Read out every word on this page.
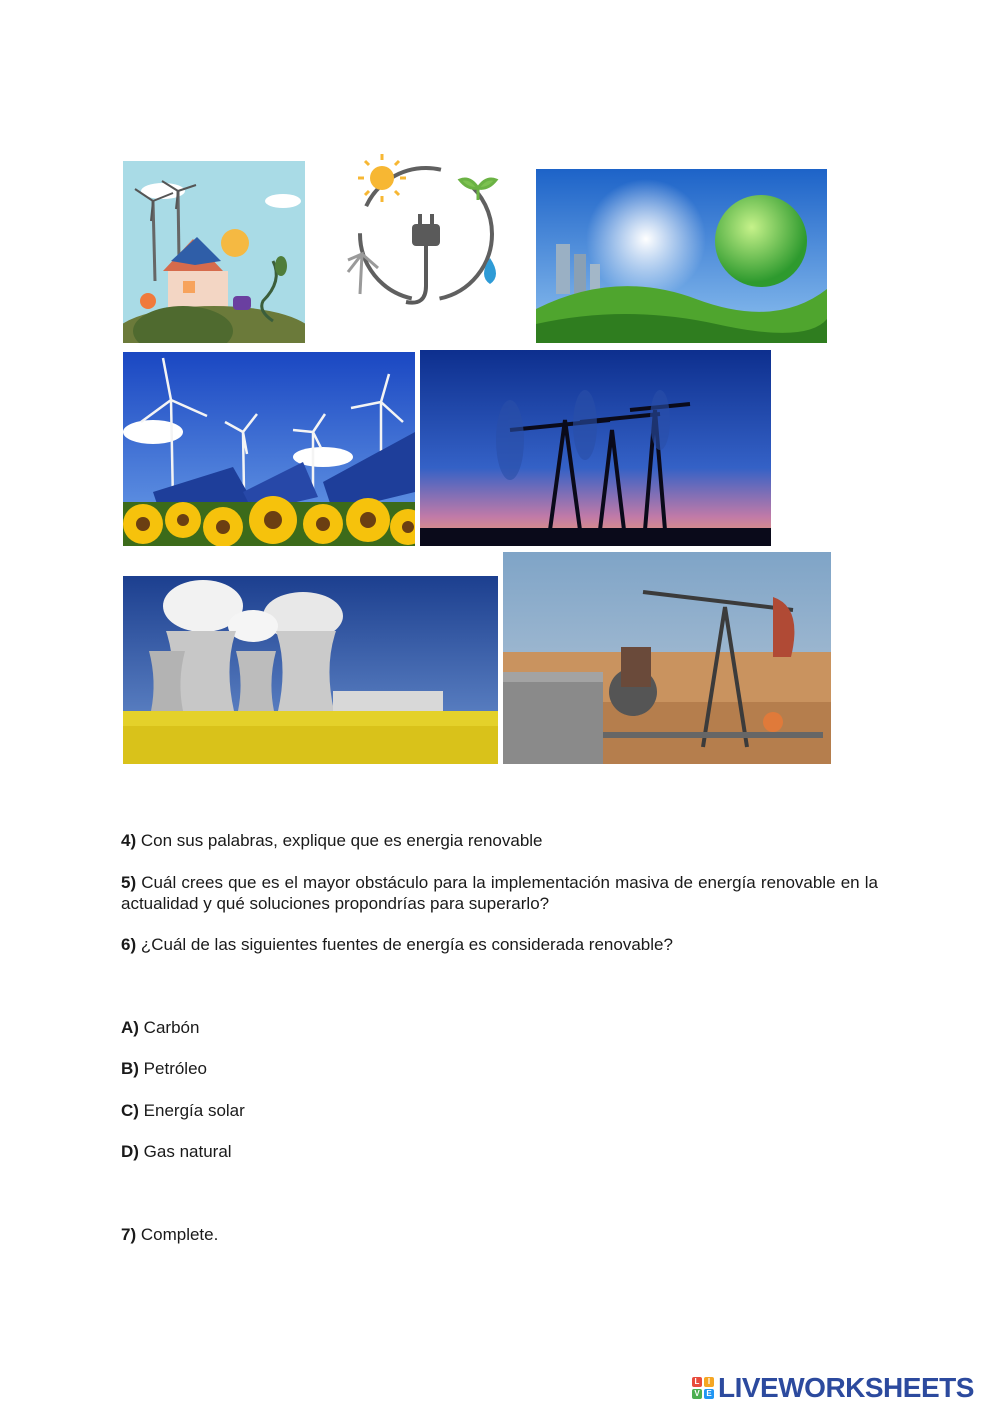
4) Con sus palabras, explique que es energia renovable
5) Cuál crees que es el mayor obstáculo para la implementación masiva de energía renovable en la actualidad y qué soluciones propondrías para superarlo?
6) ¿Cuál de las siguientes fuentes de energía es considerada renovable?
A) Carbón
B) Petróleo
C) Energía solar
D) Gas natural
7) Complete.
L	I
V E LIVEWORKSHEETS
